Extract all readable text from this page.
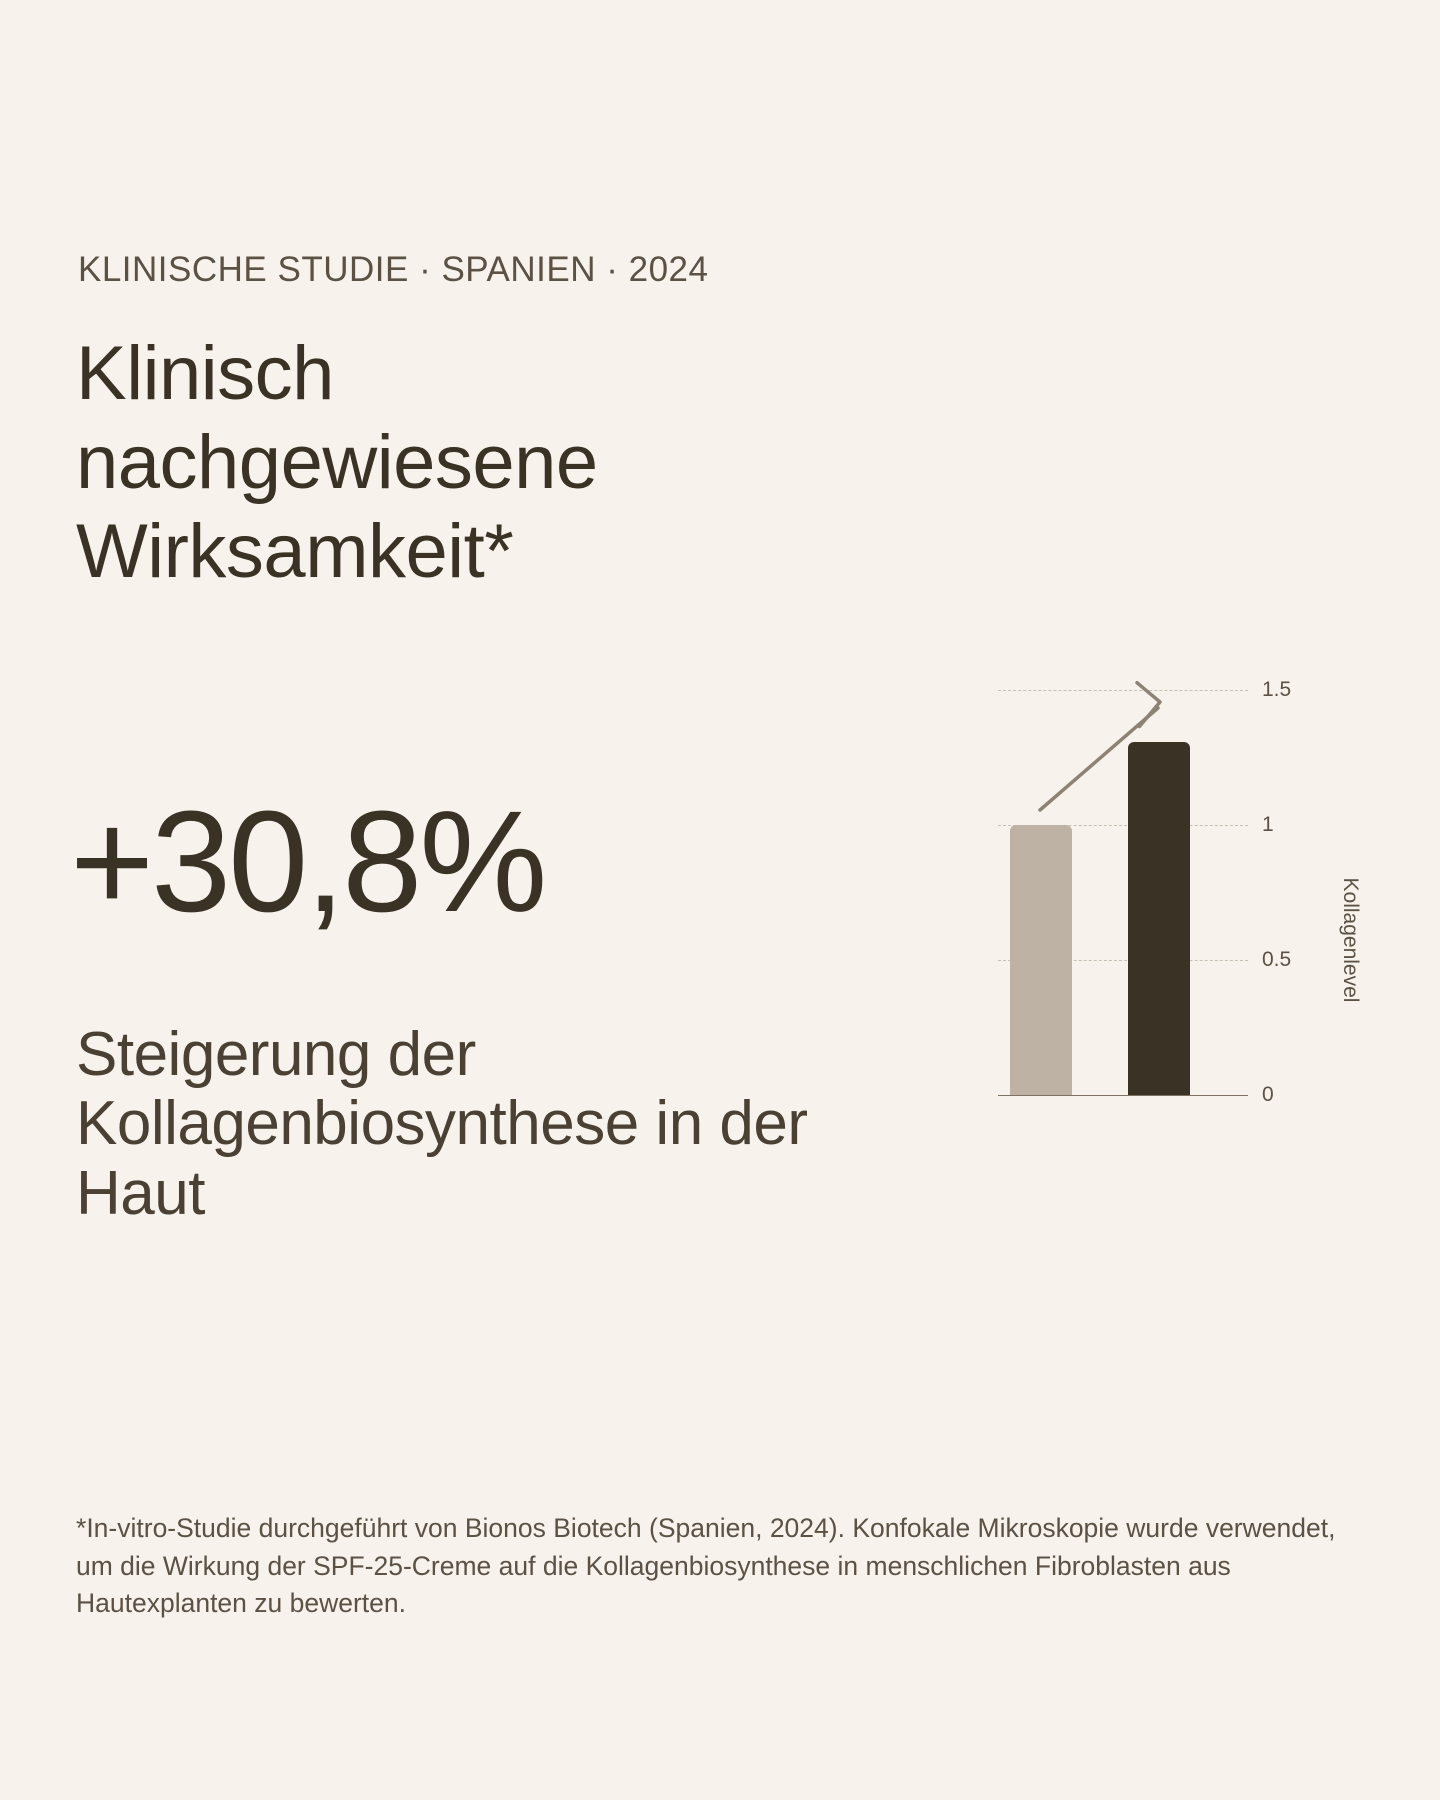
KLINISCHE STUDIE · SPANIEN · 2024
Klinisch nachgewiesene Wirksamkeit*
+30,8%
Steigerung der Kollagenbiosynthese in der Haut
1.5
1
0.5
0
Kollagenlevel
*In-vitro-Studie durchgeführt von Bionos Biotech (Spanien, 2024). Konfokale Mikroskopie wurde verwendet, um die Wirkung der SPF-25-Creme auf die Kollagenbiosynthese in menschlichen Fibroblasten aus Hautexplanten zu bewerten.
